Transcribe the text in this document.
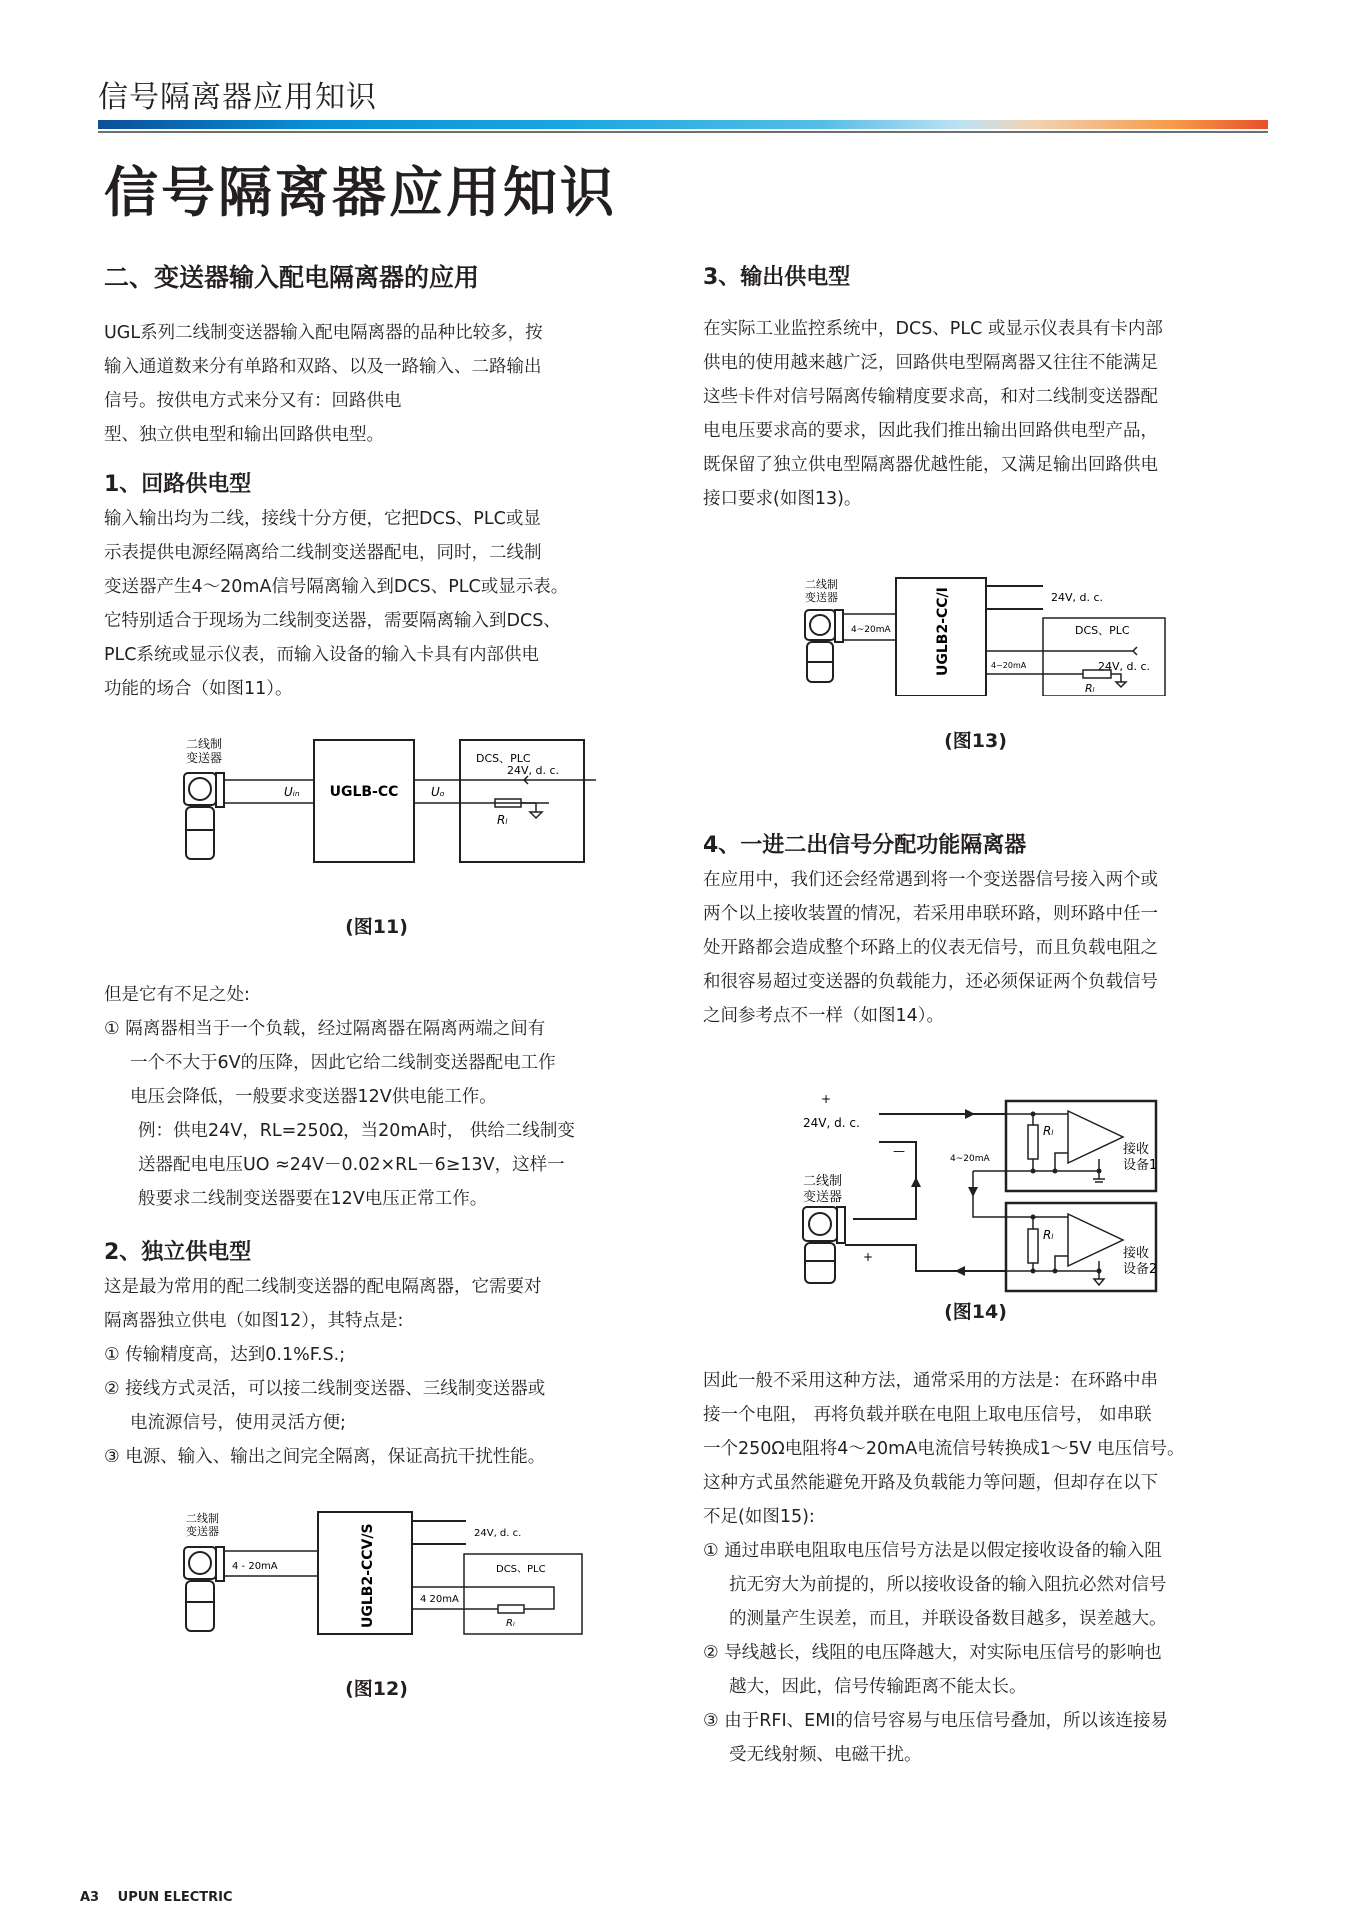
信号隔离器应用知识
信号隔离器应用知识
二、变送器输入配电隔离器的应用

UGL系列二线制变送器输入配电隔离器的品种比较多，按

输入通道数来分有单路和双路、以及一路输入、二路输出

信号。按供电方式来分又有：回路供电

型、独立供电型和输出回路供电型。

1、回路供电型

输入输出均为二线，接线十分方便，它把DCS、PLC或显

示表提供电源经隔离给二线制变送器配电，同时，二线制

变送器产生4～20mA信号隔离输入到DCS、PLC或显示表。

它特别适合于现场为二线制变送器，需要隔离输入到DCS、

PLC系统或显示仪表，而输入设备的输入卡具有内部供电

功能的场合（如图11）。

二线制
变送器
Uᵢₙ UGLB-CC	Uₒ
DCS、PLC
24V, d. c.
Rₗ
(图11)

但是它有不足之处:

① 隔离器相当于一个负载，经过隔离器在隔离两端之间有

一个不大于6V的压降，因此它给二线制变送器配电工作

电压会降低，一般要求变送器12V供电能工作。

例：供电24V，RL=250Ω，当20mA时， 供给二线制变

送器配电电压UO ≈24V－0.02×RL－6≥13V，这样一

般要求二线制变送器要在12V电压正常工作。

2、独立供电型

这是最为常用的配二线制变送器的配电隔离器，它需要对

隔离器独立供电（如图12），其特点是:

① 传输精度高，达到0.1%F.S.;

② 接线方式灵活，可以接二线制变送器、三线制变送器或

电流源信号，使用灵活方便;

③ 电源、输入、输出之间完全隔离，保证高抗干扰性能。

二线制
变送器
4 - 20mA	UGLB2-CCV/S	24V, d. c.
DCS、PLC
4 20mA
Rₗ
(图12)
3、输出供电型

在实际工业监控系统中，DCS、PLC 或显示仪表具有卡内部

供电的使用越来越广泛，回路供电型隔离器又往往不能满足

这些卡件对信号隔离传输精度要求高，和对二线制变送器配

电电压要求高的要求，因此我们推出输出回路供电型产品，

既保留了独立供电型隔离器优越性能，又满足输出回路供电

接口要求(如图13)。

二线制
变送器
4~20mA	UGLB2-CC/I	24V, d. c.
DCS、PLC
24V, d. c.
4~20mA
Rₗ
(图13)
4、一进二出信号分配功能隔离器

在应用中，我们还会经常遇到将一个变送器信号接入两个或

两个以上接收装置的情况，若采用串联环路，则环路中任一

处开路都会造成整个环路上的仪表无信号，而且负载电阻之

和很容易超过变送器的负载能力，还必须保证两个负载信号

之间参考点不一样（如图14）。

+
24V, d. c.
—
二线制
变送器
+
4~20mA
Rₗ
接收
设备1
Rₗ
接收
设备2
(图14)

因此一般不采用这种方法，通常采用的方法是：在环路中串

接一个电阻， 再将负载并联在电阻上取电压信号， 如串联

一个250Ω电阻将4～20mA电流信号转换成1～5V 电压信号。

这种方式虽然能避免开路及负载能力等问题，但却存在以下

不足(如图15):

① 通过串联电阻取电压信号方法是以假定接收设备的输入阻

抗无穷大为前提的，所以接收设备的输入阻抗必然对信号

的测量产生误差，而且，并联设备数目越多，误差越大。

② 导线越长，线阻的电压降越大，对实际电压信号的影响也

越大，因此，信号传输距离不能太长。

③ 由于RFI、EMI的信号容易与电压信号叠加，所以该连接易

受无线射频、电磁干扰。

A3 UPUN ELECTRIC
